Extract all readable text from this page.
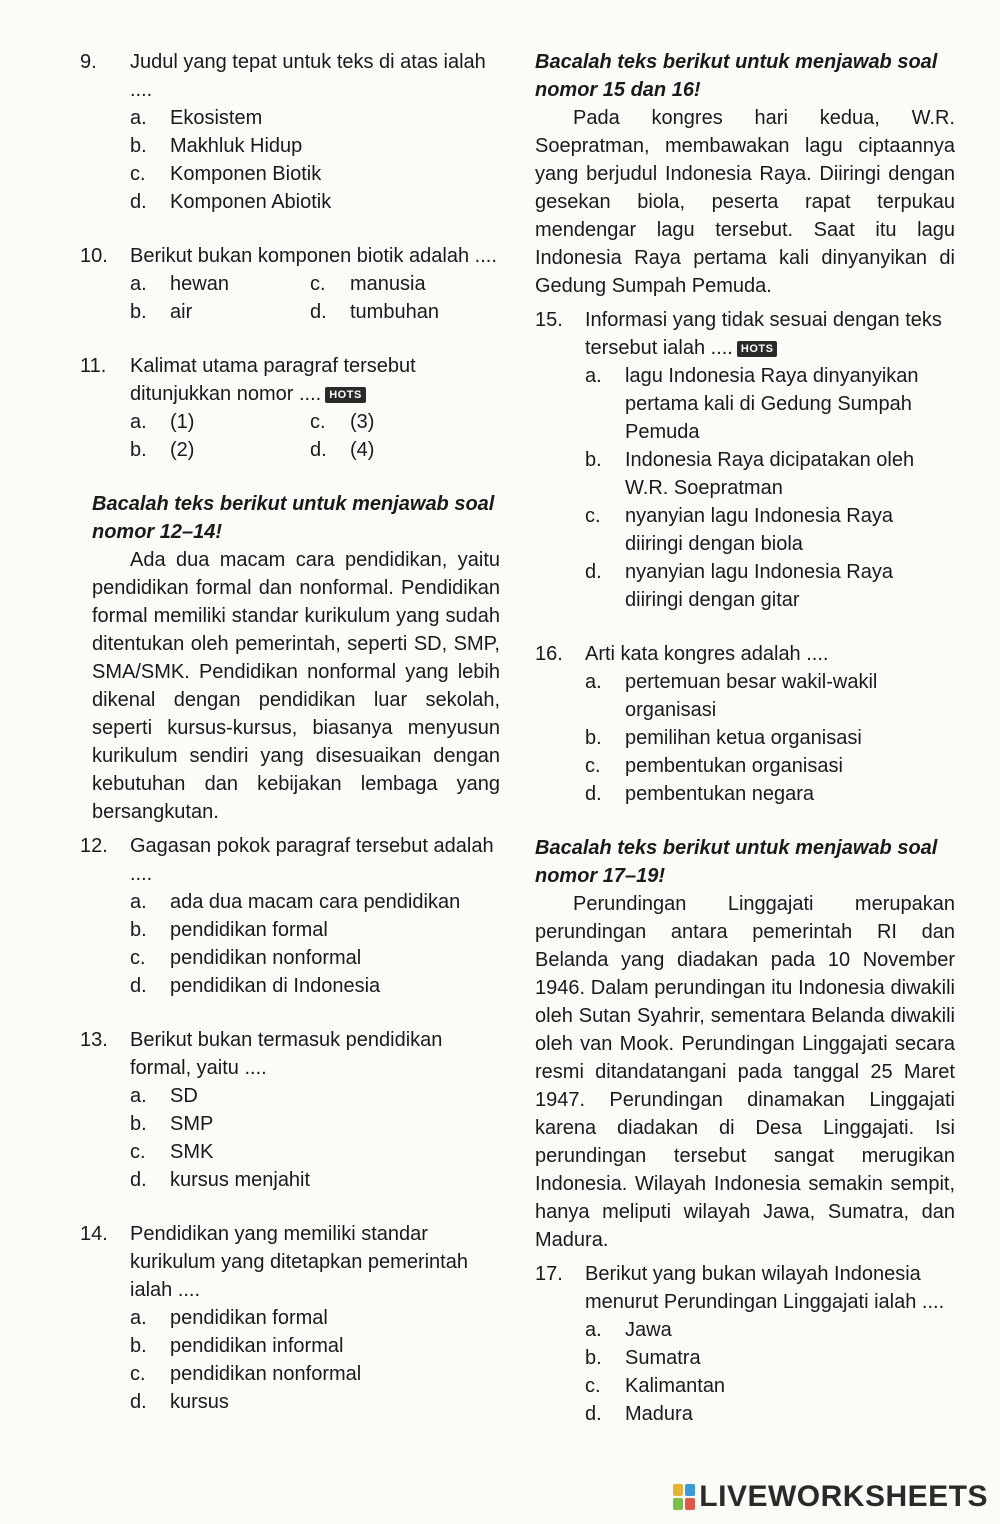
9.	Judul yang tepat untuk teks di atas ialah ....
a.	Ekosistem
b.	Makhluk Hidup
c.	Komponen Biotik
d.	Komponen Abiotik
10.	Berikut bukan komponen biotik adalah ....
a.	hewan	c.	manusia
b.	air	d.	tumbuhan
11.	Kalimat utama paragraf tersebut ditunjukkan nomor .... HOTS
a.	(1)	c.	(3)
b.	(2)	d.	(4)
Bacalah teks berikut untuk menjawab soal nomor 12–14!

Ada dua macam cara pendidikan, yaitu pendidikan formal dan nonformal. Pendidikan formal memiliki standar kurikulum yang sudah ditentukan oleh pemerintah, seperti SD, SMP, SMA/SMK. Pendidikan nonformal yang lebih dikenal dengan pendidikan luar sekolah, seperti kursus-kursus, biasanya menyusun kurikulum sendiri yang disesuaikan dengan kebutuhan dan kebijakan lembaga yang bersangkutan.

12.	Gagasan pokok paragraf tersebut adalah ....
a.	ada dua macam cara pendidikan
b.	pendidikan formal
c.	pendidikan nonformal
d.	pendidikan di Indonesia
13.	Berikut bukan termasuk pendidikan formal, yaitu ....
a.	SD
b.	SMP
c.	SMK
d.	kursus menjahit
14.	Pendidikan yang memiliki standar kurikulum yang ditetapkan pemerintah ialah ....
a.	pendidikan formal
b.	pendidikan informal
c.	pendidikan nonformal
d.	kursus
Bacalah teks berikut untuk menjawab soal nomor 15 dan 16!

Pada kongres hari kedua, W.R. Soepratman, membawakan lagu ciptaannya yang berjudul Indonesia Raya. Diiringi dengan gesekan biola, peserta rapat terpukau mendengar lagu tersebut. Saat itu lagu Indonesia Raya pertama kali dinyanyikan di Gedung Sumpah Pemuda.

15.	Informasi yang tidak sesuai dengan teks tersebut ialah .... HOTS
a.	lagu Indonesia Raya dinyanyikan pertama kali di Gedung Sumpah Pemuda
b.	Indonesia Raya dicipatakan oleh W.R. Soepratman
c.	nyanyian lagu Indonesia Raya diiringi dengan biola
d.	nyanyian lagu Indonesia Raya diiringi dengan gitar
16.	Arti kata kongres adalah ....
a.	pertemuan besar wakil-wakil organisasi
b.	pemilihan ketua organisasi
c.	pembentukan organisasi
d.	pembentukan negara
Bacalah teks berikut untuk menjawab soal nomor 17–19!

Perundingan Linggajati merupakan perundingan antara pemerintah RI dan Belanda yang diadakan pada 10 November 1946. Dalam perundingan itu Indonesia diwakili oleh Sutan Syahrir, sementara Belanda diwakili oleh van Mook. Perundingan Linggajati secara resmi ditandatangani pada tanggal 25 Maret 1947. Perundingan dinamakan Linggajati karena diadakan di Desa Linggajati. Isi perundingan tersebut sangat merugikan Indonesia. Wilayah Indonesia semakin sempit, hanya meliputi wilayah Jawa, Sumatra, dan Madura.

17.	Berikut yang bukan wilayah Indonesia menurut Perundingan Linggajati ialah ....
a.	Jawa
b.	Sumatra
c.	Kalimantan
d.	Madura
LIVEWORKSHEETS
